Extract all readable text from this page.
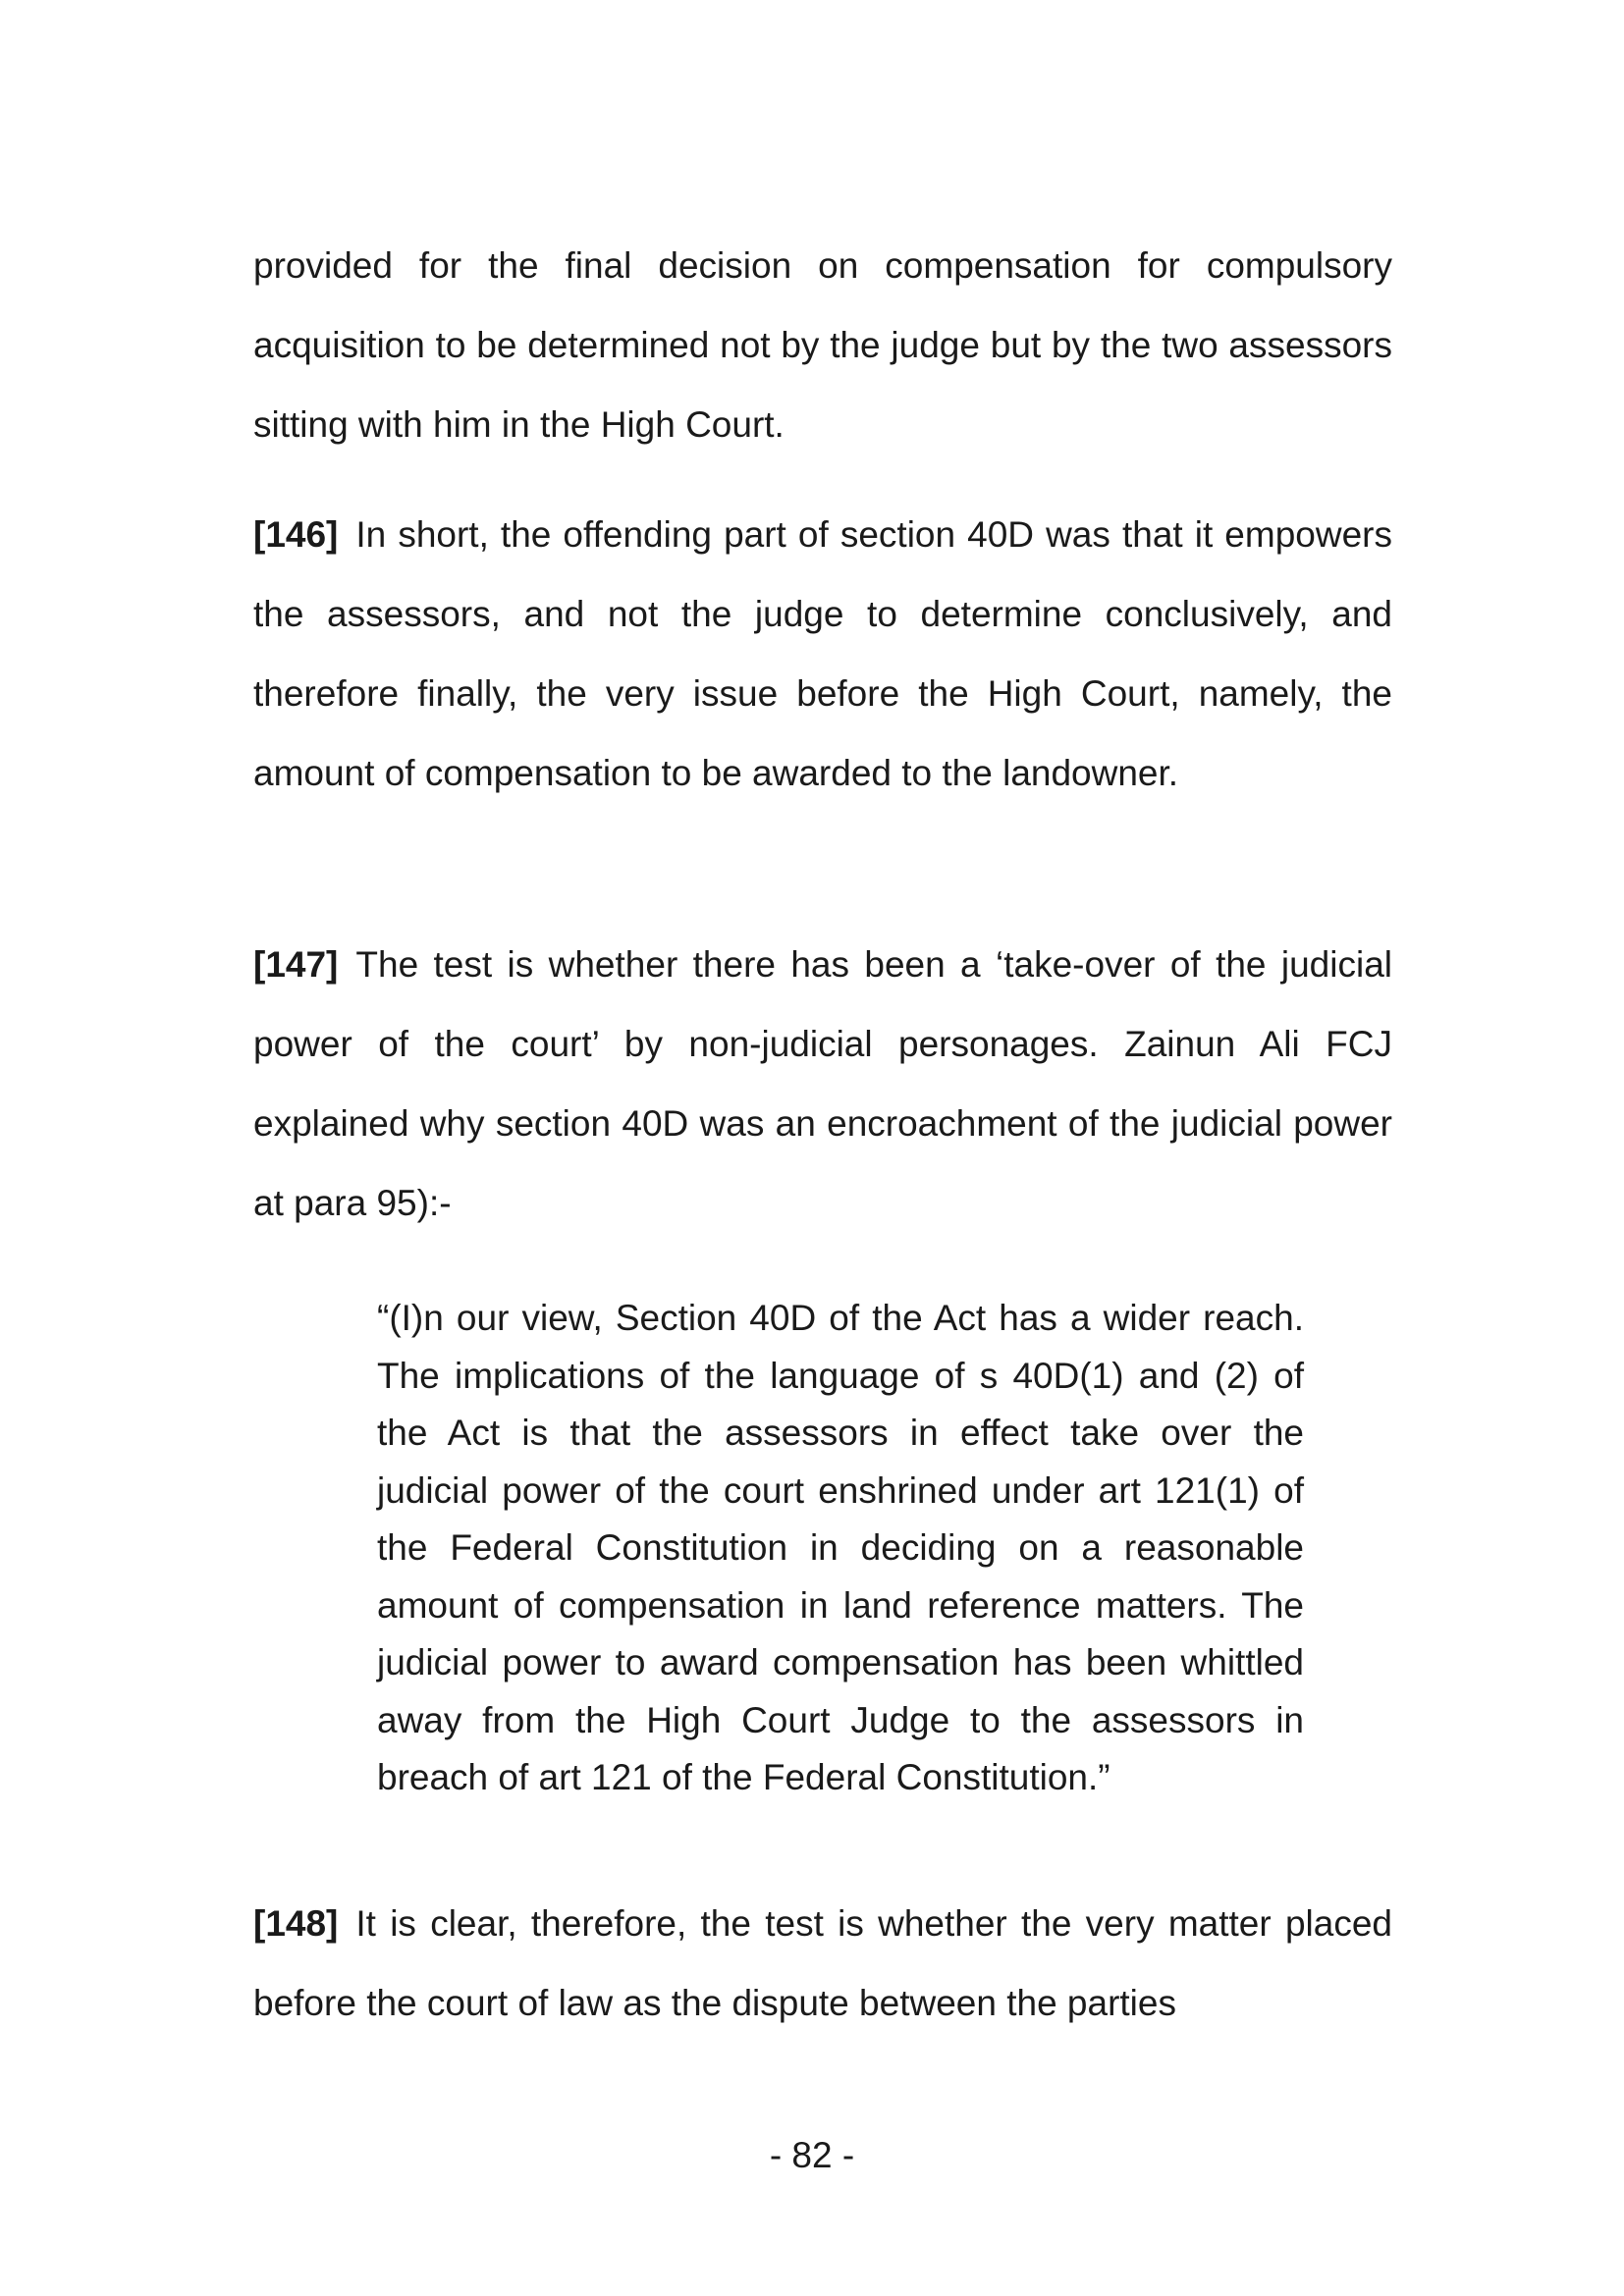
provided for the final decision on compensation for compulsory acquisition to be determined not by the judge but by the two assessors sitting with him in the High Court.

[146] In short, the offending part of section 40D was that it empowers the assessors, and not the judge to determine conclusively, and therefore finally, the very issue before the High Court, namely, the amount of compensation to be awarded to the landowner.

[147] The test is whether there has been a ‘take-over of the judicial power of the court’ by non-judicial personages. Zainun Ali FCJ explained why section 40D was an encroachment of the judicial power at para 95):-

“(I)n our view, Section 40D of the Act has a wider reach. The implications of the language of s 40D(1) and (2) of the Act is that the assessors in effect take over the judicial power of the court enshrined under art 121(1) of the Federal Constitution in deciding on a reasonable amount of compensation in land reference matters. The judicial power to award compensation has been whittled away from the High Court Judge to the assessors in breach of art 121 of the Federal Constitution.”

[148] It is clear, therefore, the test is whether the very matter placed before the court of law as the dispute between the parties

- 82 -
